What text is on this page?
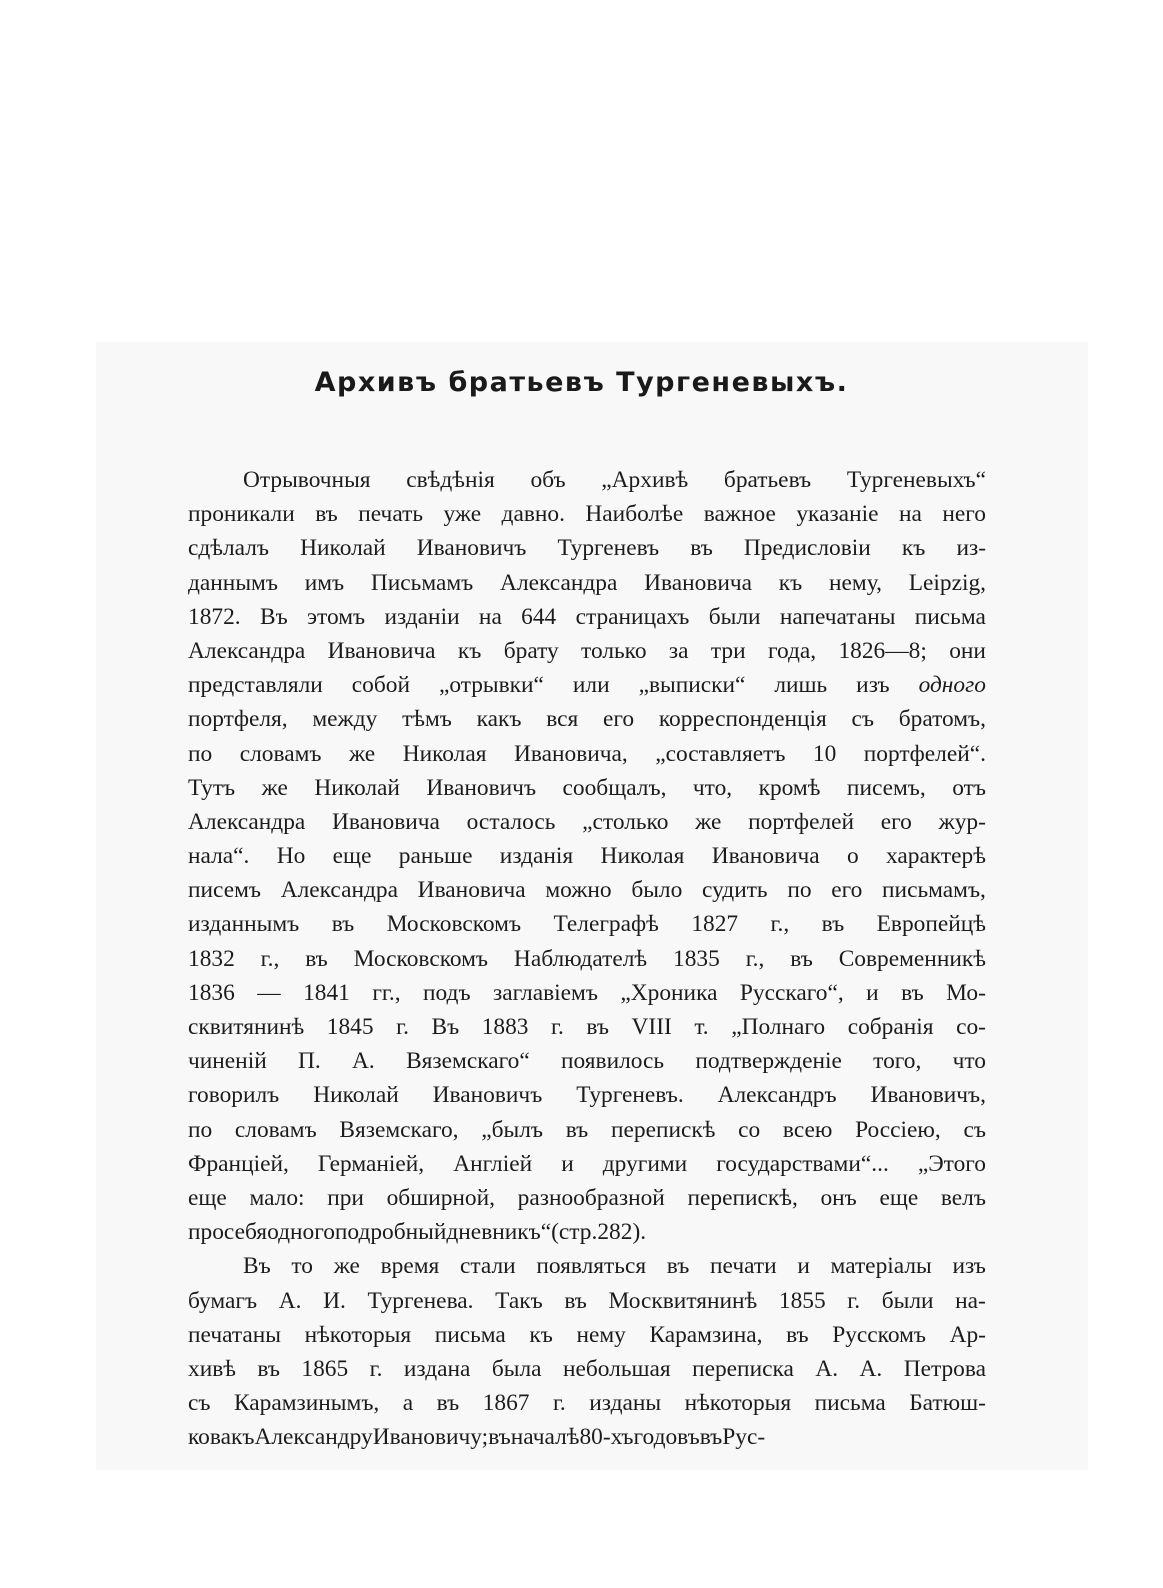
Архивъ братьевъ Тургеневыхъ.
Отрывочныя свѣдѣнія объ „Архивѣ братьевъ Тургеневыхъ“
проникали въ печать уже давно. Наиболѣе важное указаніе на него
сдѣлалъ Николай Ивановичъ Тургеневъ въ Предисловіи къ из-
даннымъ имъ Письмамъ Александра Ивановича къ нему, Leipzig,
1872. Въ этомъ изданіи на 644 страницахъ были напечатаны письма
Александра Ивановича къ брату только за три года, 1826—8; они
представляли собой „отрывки“ или „выписки“ лишь изъ одного
портфеля, между тѣмъ какъ вся его корреспонденція съ братомъ,
по словамъ же Николая Ивановича, „составляетъ 10 портфелей“.
Тутъ же Николай Ивановичъ сообщалъ, что, кромѣ писемъ, отъ
Александра Ивановича осталось „столько же портфелей его жур-
нала“. Но еще раньше изданія Николая Ивановича о характерѣ
писемъ Александра Ивановича можно было судить по его письмамъ,
изданнымъ въ Московскомъ Телеграфѣ 1827 г., въ Европейцѣ
1832 г., въ Московскомъ Наблюдателѣ 1835 г., въ Современникѣ
1836 — 1841 гг., подъ заглавіемъ „Хроника Русскаго“, и въ Мо-
сквитянинѣ 1845 г. Въ 1883 г. въ VIII т. „Полнаго собранія со-
чиненій П. А. Вяземскаго“ появилось подтвержденіе того, что
говорилъ Николай Ивановичъ Тургеневъ. Александръ Ивановичъ,
по словамъ Вяземскаго, „былъ въ перепискѣ со всею Россіею, съ
Франціей, Германіей, Англіей и другими государствами“... „Этого
еще мало: при обширной, разнообразной перепискѣ, онъ еще велъ
про себя одного подробный дневникъ“ (стр. 282).
Въ то же время стали появляться въ печати и матеріалы изъ
бумагъ А. И. Тургенева. Такъ въ Москвитянинѣ 1855 г. были на-
печатаны нѣкоторыя письма къ нему Карамзина, въ Русскомъ Ар-
хивѣ въ 1865 г. издана была небольшая переписка А. А. Петрова
съ Карамзинымъ, а въ 1867 г. изданы нѣкоторыя письма Батюш-
кова къ Александру Ивановичу; въ началѣ 80-хъ годовъ въ Рус-
